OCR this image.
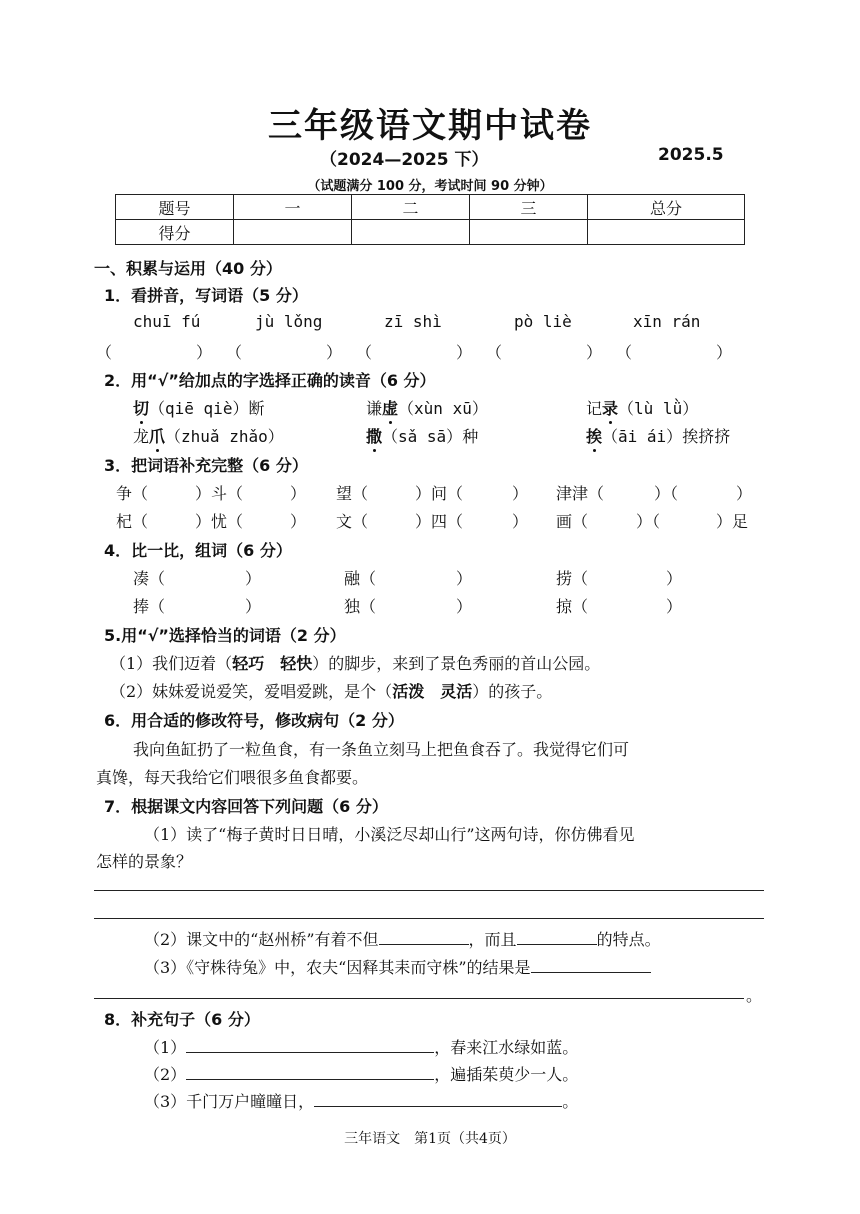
三年级语文期中试卷
（2024—2025 下）	2025.5
（试题满分 100 分，考试时间 90 分钟）
题号	一	二	三	总分
得分				
一、积累与运用（40 分）
1．看拼音，写词语（5 分）
chuī fú	jù lǒng	zī shì	pò liè	xīn rán
（	） （	） （	） （	） （	）
2．用“√”给加点的字选择正确的读音（6 分）
切（qiē qiè）断	谦虚（xùn xū）	记录（lù lǜ）
龙爪（zhuǎ zhǎo）	撒（sǎ sā）种	挨（āi ái）挨挤挤
3．把词语补充完整（6 分）
争（	）斗（	） 望（	）问（	） 津津（	）（	）
杞（	）忧（	） 文（	）四（	） 画（	）（	）足
4．比一比，组词（6 分）
凑（	）	融（	）	捞（	）
捧（	）	独（	）	掠（	）
5.用“√”选择恰当的词语（2 分）
（1）我们迈着（轻巧　轻快）的脚步，来到了景色秀丽的首山公园。
（2）妹妹爱说爱笑，爱唱爱跳，是个（活泼　灵活）的孩子。
6．用合适的修改符号，修改病句（2 分）
我向鱼缸扔了一粒鱼食，有一条鱼立刻马上把鱼食吞了。我觉得它们可
真馋，每天我给它们喂很多鱼食都要。
7．根据课文内容回答下列问题（6 分）
（1）读了“梅子黄时日日晴，小溪泛尽却山行”这两句诗，你仿佛看见
怎样的景象？
（2）课文中的“赵州桥”有着不但	，而且	的特点。
（3）《守株待兔》中，农夫“因释其耒而守株”的结果是
。
8．补充句子（6 分）
（1）	，春来江水绿如蓝。
（2）	，遍插茱萸少一人。
（3）千门万户曈曈日，	。
三年语文　第1页（共4页）
